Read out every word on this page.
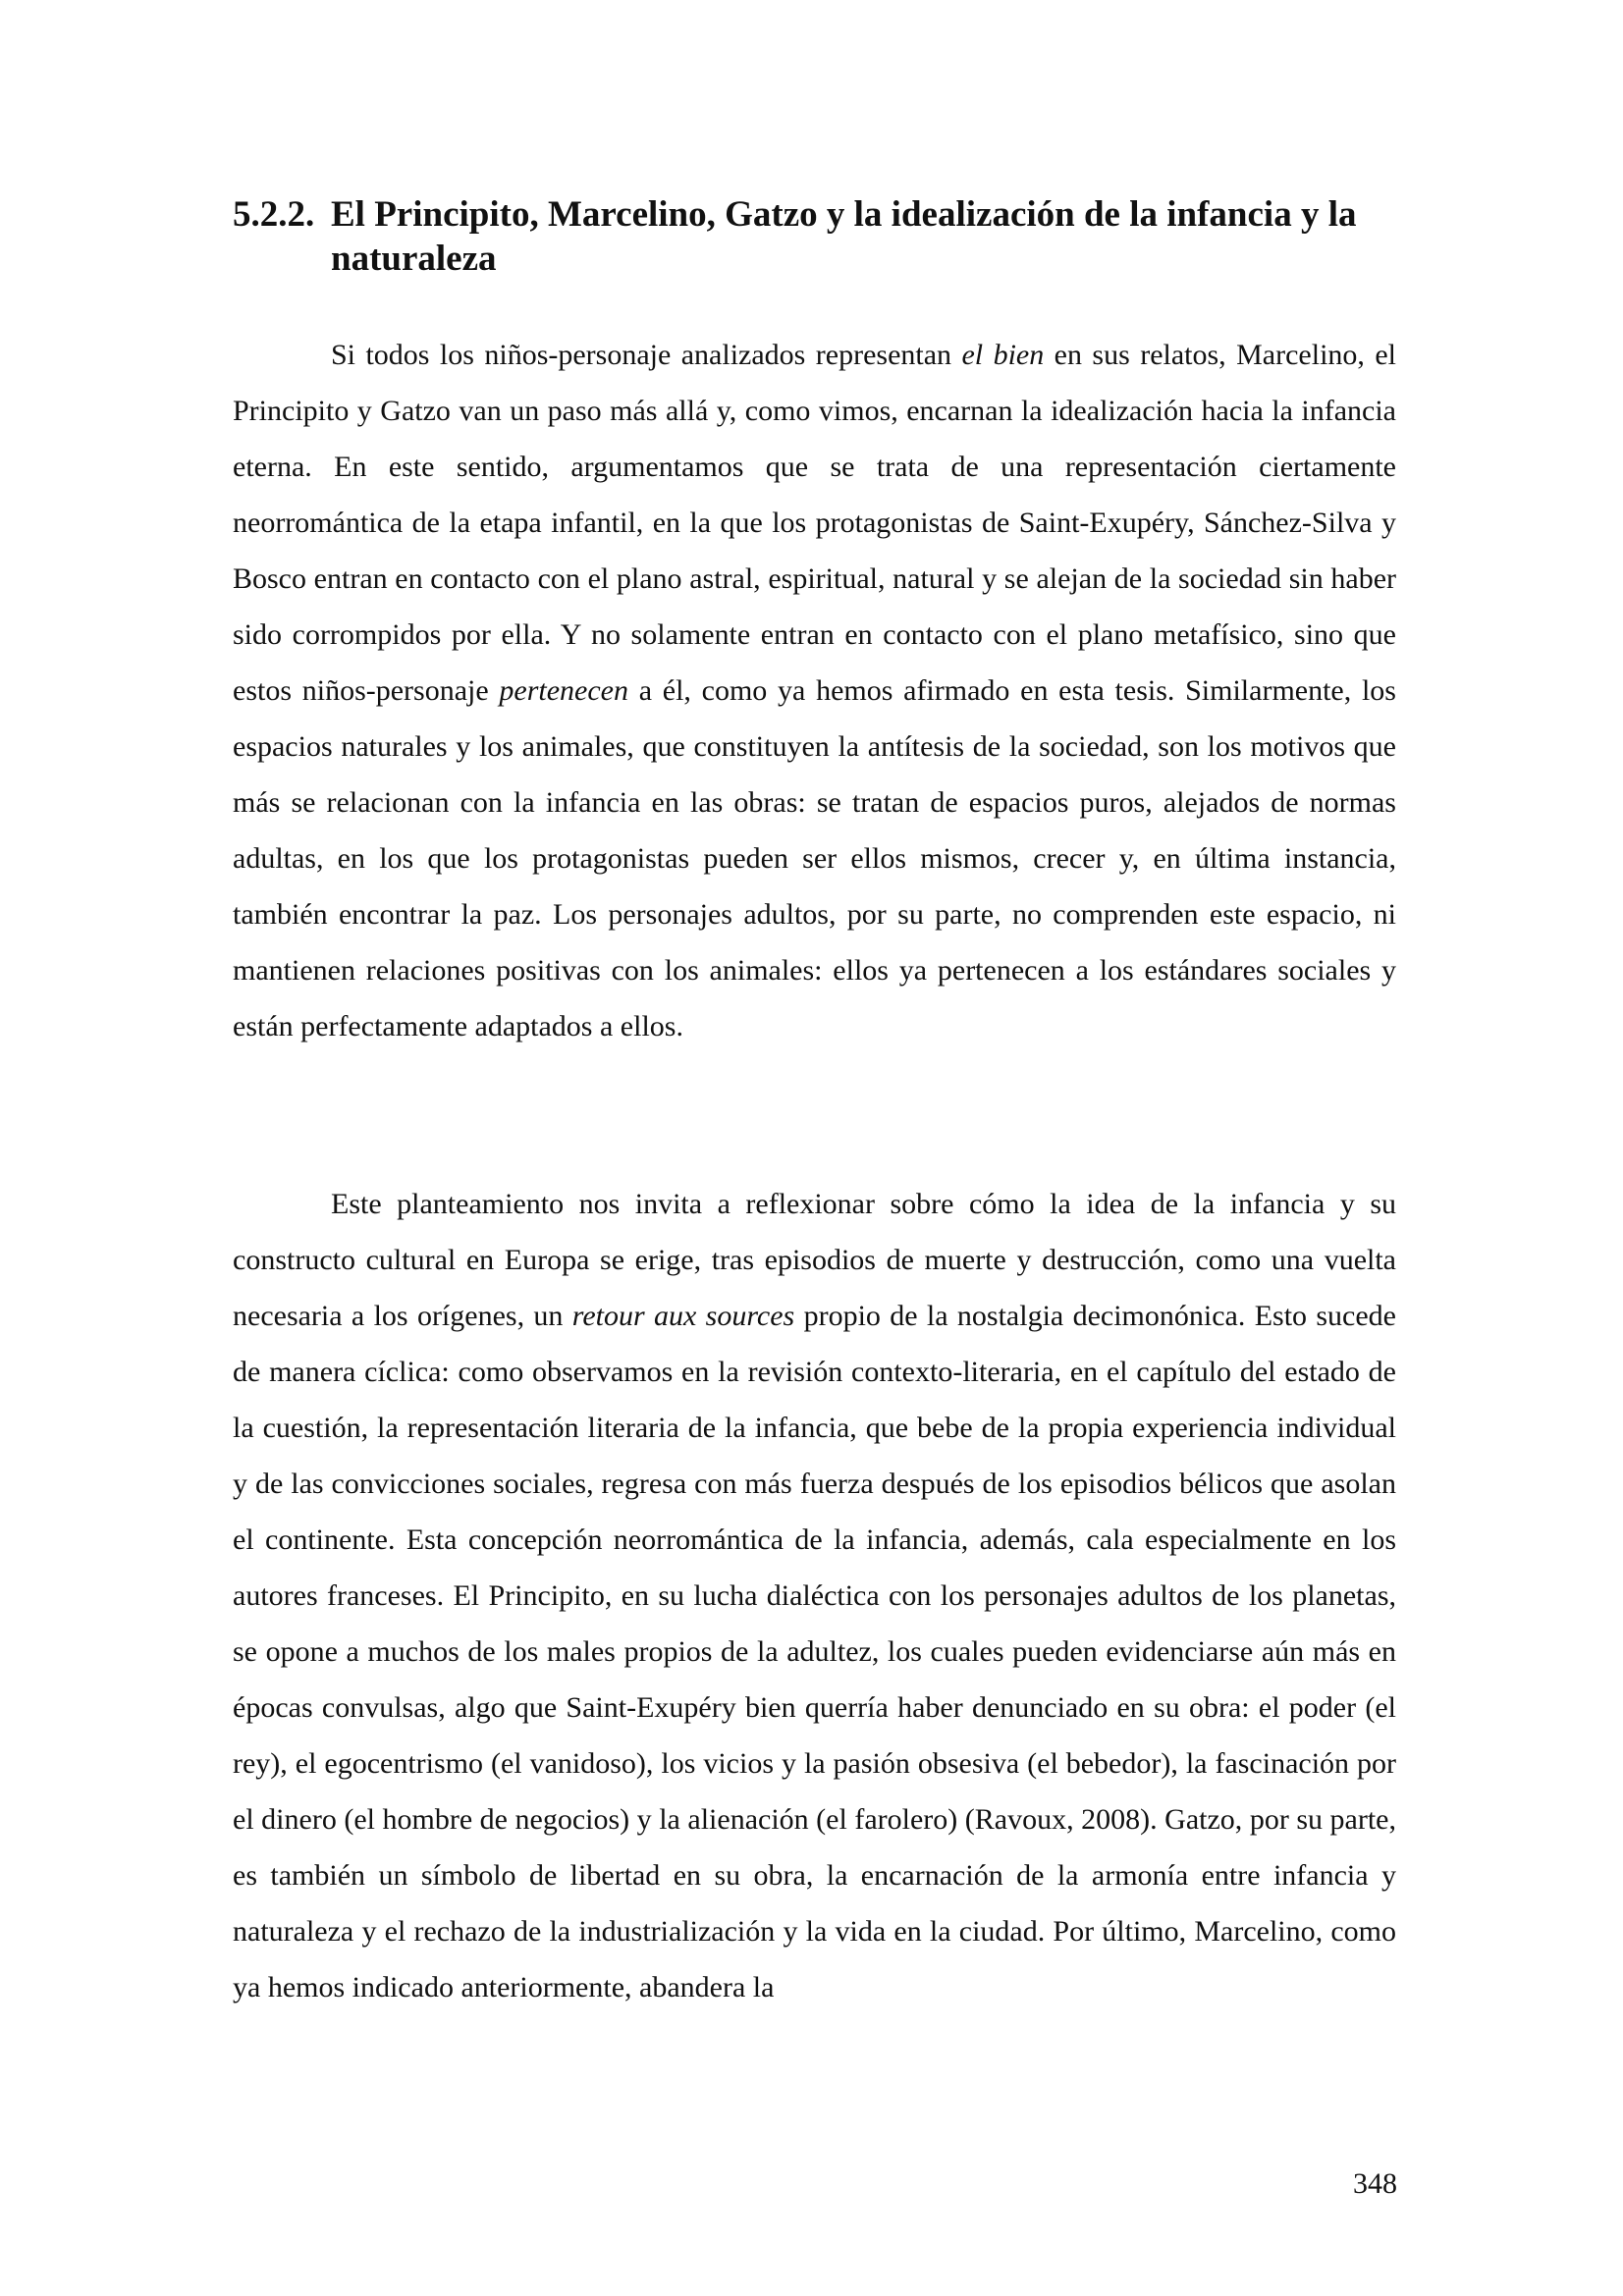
5.2.2. El Principito, Marcelino, Gatzo y la idealización de la infancia y la naturaleza

Si todos los niños-personaje analizados representan el bien en sus relatos, Marcelino, el Principito y Gatzo van un paso más allá y, como vimos, encarnan la idealización hacia la infancia eterna. En este sentido, argumentamos que se trata de una representación ciertamente neorromántica de la etapa infantil, en la que los protagonistas de Saint-Exupéry, Sánchez-Silva y Bosco entran en contacto con el plano astral, espiritual, natural y se alejan de la sociedad sin haber sido corrompidos por ella. Y no solamente entran en contacto con el plano metafísico, sino que estos niños-personaje pertenecen a él, como ya hemos afirmado en esta tesis. Similarmente, los espacios naturales y los animales, que constituyen la antítesis de la sociedad, son los motivos que más se relacionan con la infancia en las obras: se tratan de espacios puros, alejados de normas adultas, en los que los protagonistas pueden ser ellos mismos, crecer y, en última instancia, también encontrar la paz. Los personajes adultos, por su parte, no comprenden este espacio, ni mantienen relaciones positivas con los animales: ellos ya pertenecen a los estándares sociales y están perfectamente adaptados a ellos.

Este planteamiento nos invita a reflexionar sobre cómo la idea de la infancia y su constructo cultural en Europa se erige, tras episodios de muerte y destrucción, como una vuelta necesaria a los orígenes, un retour aux sources propio de la nostalgia decimonónica. Esto sucede de manera cíclica: como observamos en la revisión contexto-literaria, en el capítulo del estado de la cuestión, la representación literaria de la infancia, que bebe de la propia experiencia individual y de las convicciones sociales, regresa con más fuerza después de los episodios bélicos que asolan el continente. Esta concepción neorromántica de la infancia, además, cala especialmente en los autores franceses. El Principito, en su lucha dialéctica con los personajes adultos de los planetas, se opone a muchos de los males propios de la adultez, los cuales pueden evidenciarse aún más en épocas convulsas, algo que Saint-Exupéry bien querría haber denunciado en su obra: el poder (el rey), el egocentrismo (el vanidoso), los vicios y la pasión obsesiva (el bebedor), la fascinación por el dinero (el hombre de negocios) y la alienación (el farolero) (Ravoux, 2008). Gatzo, por su parte, es también un símbolo de libertad en su obra, la encarnación de la armonía entre infancia y naturaleza y el rechazo de la industrialización y la vida en la ciudad. Por último, Marcelino, como ya hemos indicado anteriormente, abandera la

348
